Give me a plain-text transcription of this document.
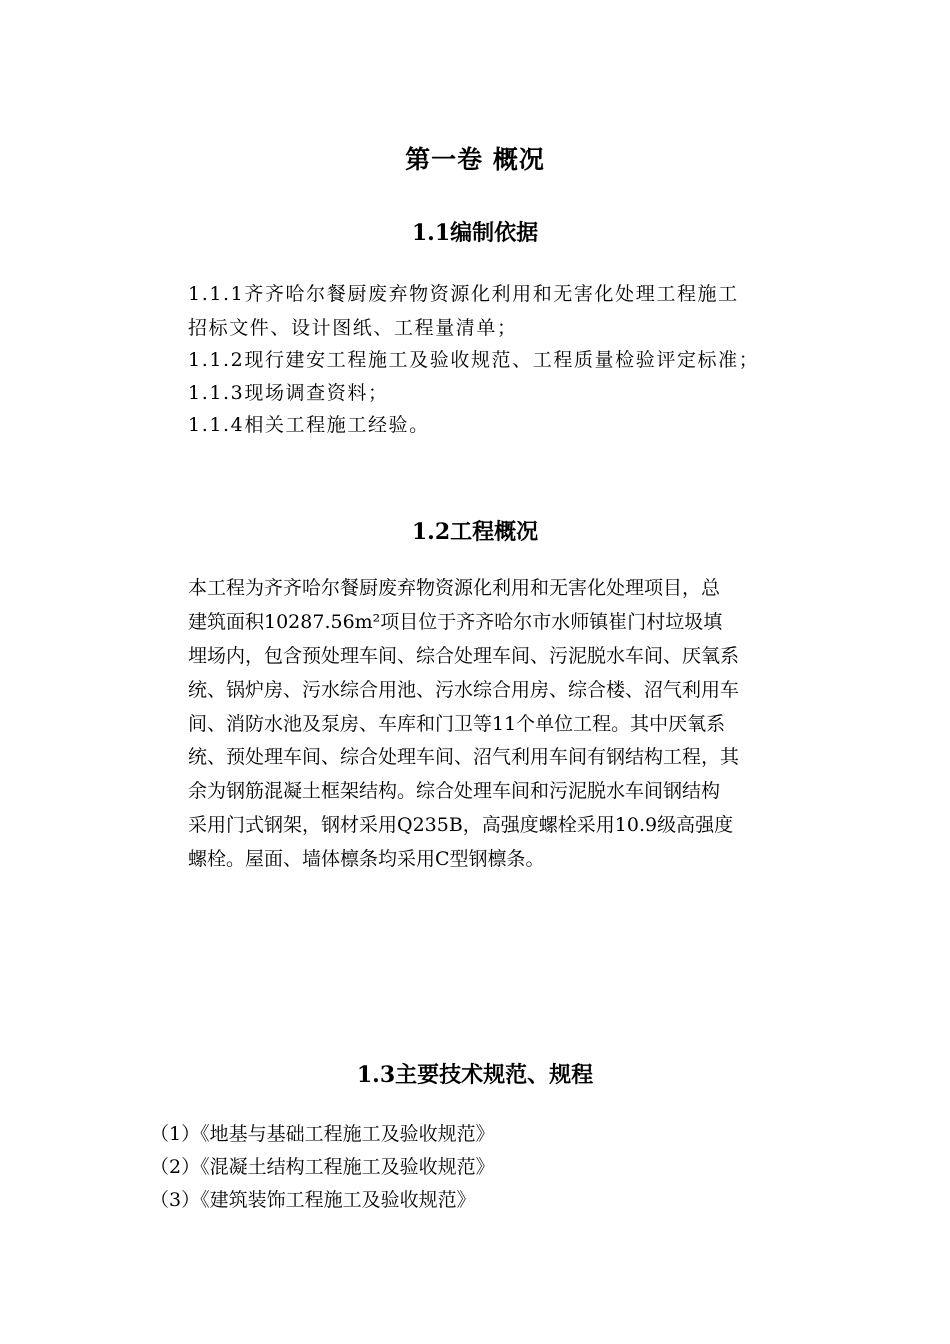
第一卷 概况
1.1编制依据
1.1.1齐齐哈尔餐厨废弃物资源化利用和无害化处理工程施工
招标文件、设计图纸、工程量清单；
1.1.2现行建安工程施工及验收规范、工程质量检验评定标准；
1.1.3现场调查资料；
1.1.4相关工程施工经验。
1.2工程概况
本工程为齐齐哈尔餐厨废弃物资源化利用和无害化处理项目，总
建筑面积10287.56m²项目位于齐齐哈尔市水师镇崔门村垃圾填
埋场内，包含预处理车间、综合处理车间、污泥脱水车间、厌氧系
统、锅炉房、污水综合用池、污水综合用房、综合楼、沼气利用车
间、消防水池及泵房、车库和门卫等11个单位工程。其中厌氧系
统、预处理车间、综合处理车间、沼气利用车间有钢结构工程，其
余为钢筋混凝土框架结构。综合处理车间和污泥脱水车间钢结构
采用门式钢架，钢材采用Q235B，高强度螺栓采用10.9级高强度
螺栓。屋面、墙体檩条均采用C型钢檩条。
1.3主要技术规范、规程
（1）《地基与基础工程施工及验收规范》
（2）《混凝土结构工程施工及验收规范》
（3）《建筑装饰工程施工及验收规范》
